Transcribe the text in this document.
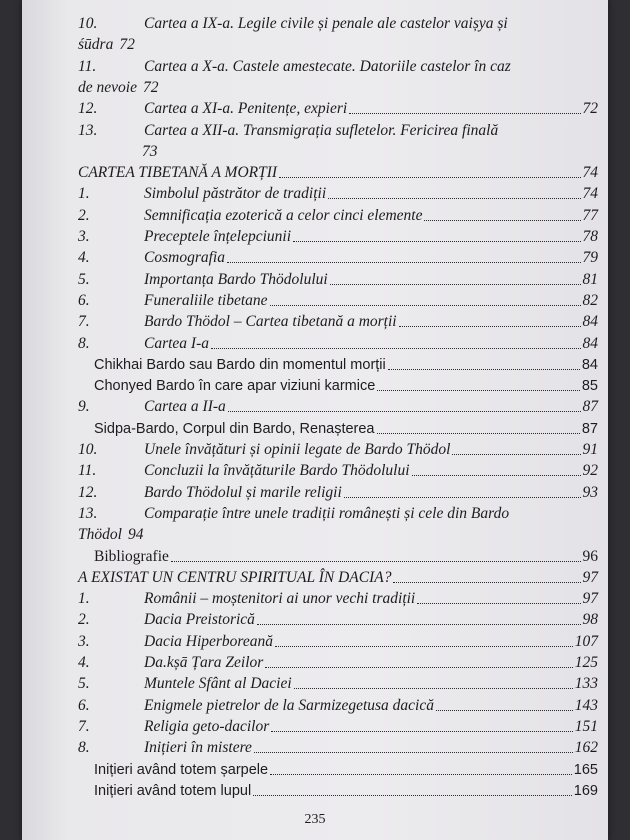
10.	Cartea a IX-a. Legile civile și penale ale castelor vaișya și
śūdra 72
11.	Cartea a X-a. Castele amestecate. Datoriile castelor în caz
de nevoie 72
12.	Cartea a XI-a. Penitențe, expieri	72
13.	Cartea a XII-a. Transmigrația sufletelor. Fericirea finală
73
CARTEA TIBETANĂ A MORȚII	74
1.	Simbolul păstrător de tradiții	74
2.	Semnificația ezoterică a celor cinci elemente	77
3.	Preceptele înțelepciunii	78
4.	Cosmografia	79
5.	Importanța Bardo Thödolului	81
6.	Funeraliile tibetane	82
7.	Bardo Thödol – Cartea tibetană a morții	84
8.	Cartea I-a	84
Chikhai Bardo sau Bardo din momentul morții	84
Chonyed Bardo în care apar viziuni karmice	85
9.	Cartea a II-a	87
Sidpa-Bardo, Corpul din Bardo, Renașterea	87
10.	Unele învățături și opinii legate de Bardo Thödol	91
11.	Concluzii la învățăturile Bardo Thödolului	92
12.	Bardo Thödolul și marile religii	93
13.	Comparație între unele tradiții românești și cele din Bardo
Thödol 94
Bibliografie	96
A EXISTAT UN CENTRU SPIRITUAL ÎN DACIA?	97
1.	Românii – moștenitori ai unor vechi tradiții	97
2.	Dacia Preistorică	98
3.	Dacia Hiperboreană	107
4.	Da.kșā Țara Zeilor	125
5.	Muntele Sfânt al Daciei	133
6.	Enigmele pietrelor de la Sarmizegetusa dacică	143
7.	Religia geto-dacilor	151
8.	Inițieri în mistere	162
Inițieri având totem șarpele	165
Inițieri având totem lupul	169
235
